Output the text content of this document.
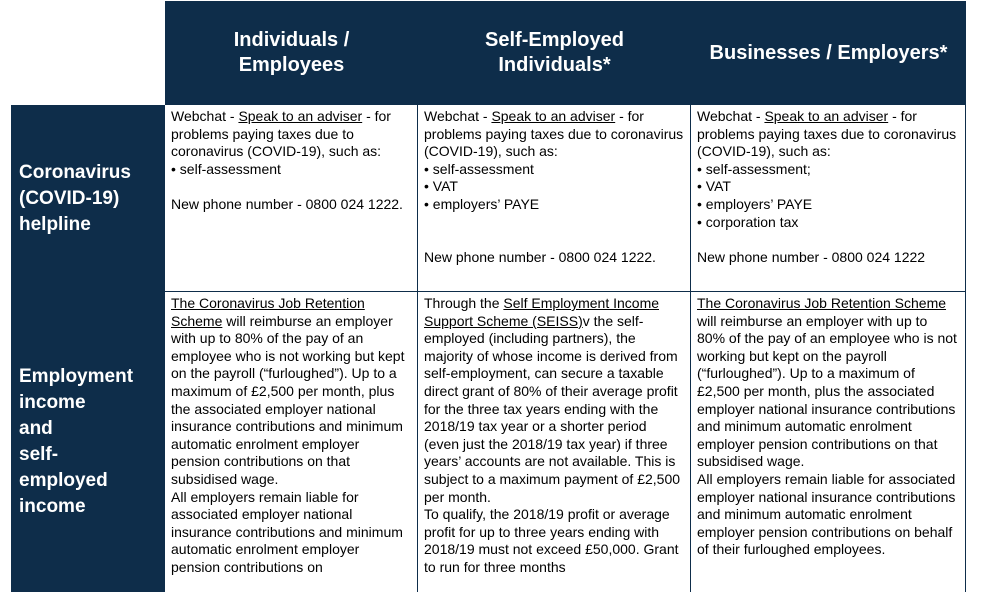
Individuals /
Employees
Self-Employed
Individuals*
Businesses / Employers*
Coronavirus
(COVID-19)
helpline
Employment
income
and
self-
employed
income

Webchat - Speak to an adviser - for problems paying taxes due to coronavirus (COVID-19), such as:

• self-assessment

New phone number - 0800 024 1222.

Webchat - Speak to an adviser - for problems paying taxes due to coronavirus (COVID-19), such as:

• self-assessment

• VAT

• employers’ PAYE

New phone number - 0800 024 1222.

Webchat - Speak to an adviser - for problems paying taxes due to coronavirus (COVID-19), such as:

• self-assessment;

• VAT

• employers’ PAYE

• corporation tax

New phone number - 0800 024 1222

The Coronavirus Job Retention Scheme will reimburse an employer with up to 80% of the pay of an employee who is not working but kept on the payroll (“furloughed”). Up to a maximum of £2,500 per month, plus the associated employer national insurance contributions and minimum automatic enrolment employer pension contributions on that subsidised wage.

All employers remain liable for associated employer national insurance contributions and minimum automatic enrolment employer pension contributions on

Through the Self Employment Income Support Scheme (SEISS)v the self-employed (including partners), the majority of whose income is derived from self-employment, can secure a taxable direct grant of 80% of their average profit for the three tax years ending with the 2018/19 tax year or a shorter period (even just the 2018/19 tax year) if three years’ accounts are not available. This is subject to a maximum payment of £2,500 per month.

To qualify, the 2018/19 profit or average profit for up to three years ending with 2018/19 must not exceed £50,000. Grant to run for three months

The Coronavirus Job Retention Scheme will reimburse an employer with up to 80% of the pay of an employee who is not working but kept on the payroll (“furloughed”). Up to a maximum of £2,500 per month, plus the associated employer national insurance contributions and minimum automatic enrolment employer pension contributions on that subsidised wage.

All employers remain liable for associated employer national insurance contributions and minimum automatic enrolment employer pension contributions on behalf of their furloughed employees.
